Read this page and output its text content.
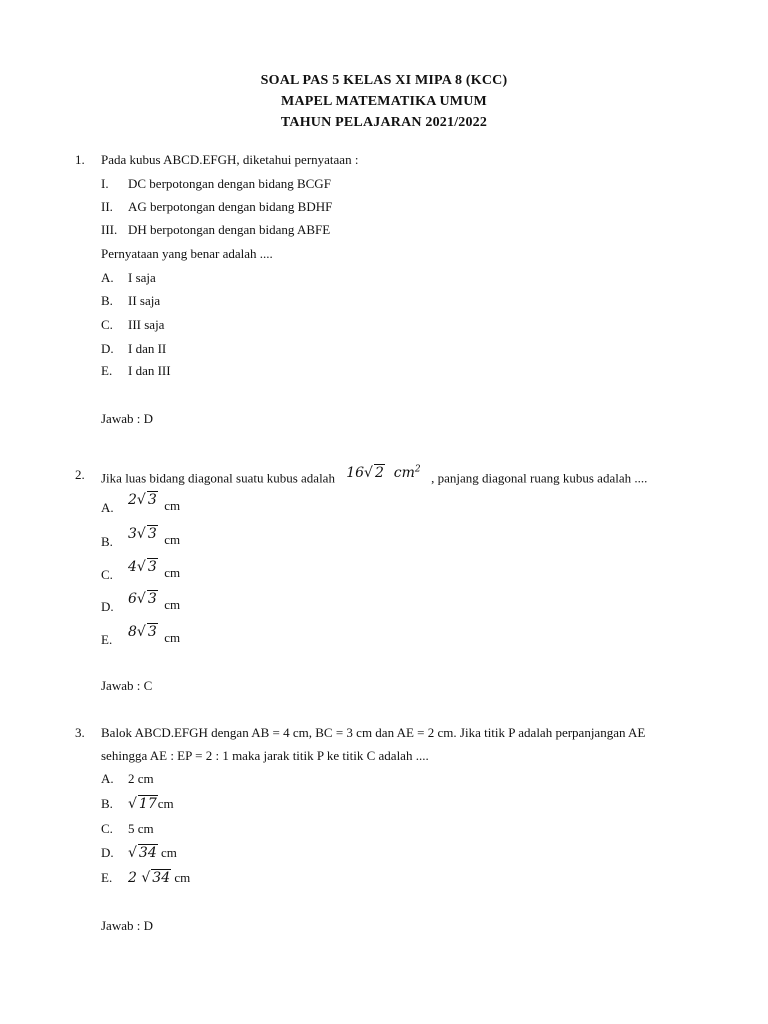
SOAL PAS 5 KELAS XI MIPA 8 (KCC)
MAPEL MATEMATIKA UMUM
TAHUN PELAJARAN 2021/2022
1. Pada kubus ABCD.EFGH, diketahui pernyataan :
I. DC berpotongan dengan bidang BCGF
II. AG berpotongan dengan bidang BDHF
III. DH berpotongan dengan bidang ABFE
Pernyataan yang benar adalah ....
A. I saja
B. II saja
C. III saja
D. I dan II
E. I dan III
Jawab : D
2. Jika luas bidang diagonal suatu kubus adalah 16√ 2 $cm^2$ , panjang diagonal ruang kubus adalah ....
A. 2√ 3 cm
B. 3√ 3 cm
C. 4√ 3 cm
D. 6√ 3 cm
E. 8√ 3 cm
Jawab : C
3. Balok ABCD.EFGH dengan AB = 4 cm, BC = 3 cm dan AE = 2 cm. Jika titik P adalah perpanjangan AE
sehingga AE : EP = 2 : 1 maka jarak titik P ke titik C adalah ....
A. 2 cm
B. √ 17cm
C. 5 cm
D. √ 34 cm
E. 2 √ 34 cm
Jawab : D
